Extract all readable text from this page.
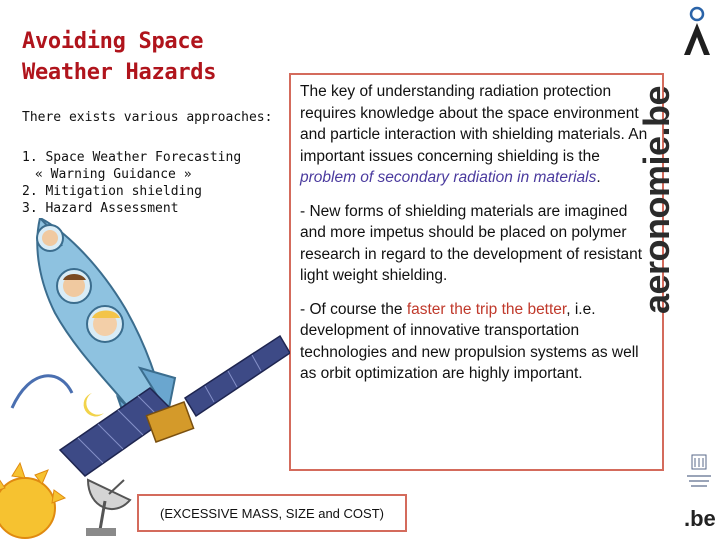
Avoiding Space
Weather Hazards
There exists various approaches:
1. Space Weather Forecasting
« Warning Guidance »
2. Mitigation shielding
3. Hazard Assessment

The key of understanding radiation protection requires knowledge about the space environment and particle interaction with shielding materials. An important issues concerning shielding is the problem of secondary radiation in materials.

- New forms of shielding materials are imagined and more impetus should be placed on polymer research in regard to the development of resistant light weight shielding.

- Of course the faster the trip the better, i.e. development of innovative transportation technologies and new propulsion systems as well as orbit optimization are highly important.

(EXCESSIVE MASS, SIZE and COST)
aeronomie.be
.be
